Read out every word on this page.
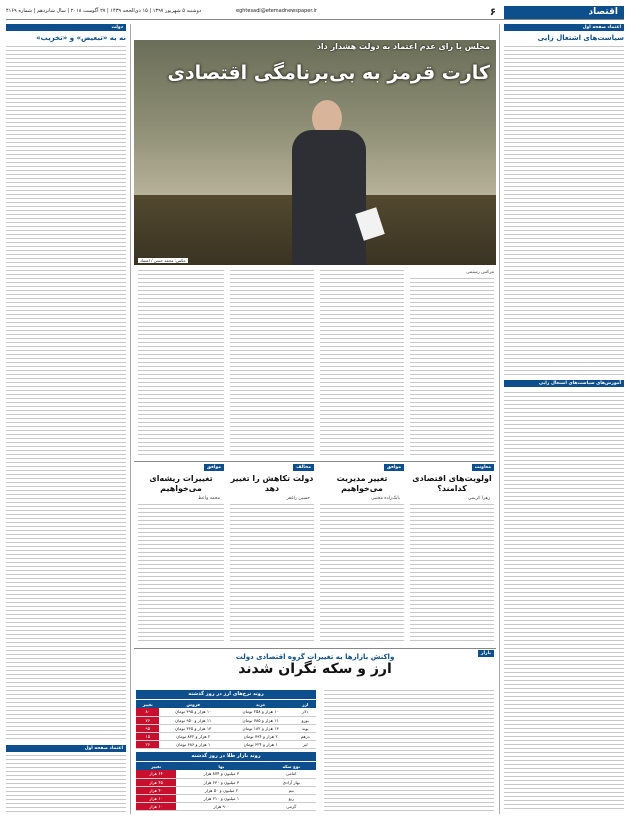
اقتصاد
۶
eghtesadi@etemadnewspaper.ir
دوشنبه ۵ شهریور ۱۳۹۷ | ۱۵ ذی‌الحجه ۱۴۳۹ | ۲۷ آگوست ۲۰۱۸ | سال شانزدهم | شماره ۴۱۶۹
اعتماد صفحه اول
سیاست‌های اشتغال زایی
آموزش‌های سیاست‌های اشتغال زایی
دولت
نه به «تبعیض» و «تخریب»
اعتماد صفحه اول
مجلس با رای عدم اعتماد به دولت هشدار داد
کارت قرمز به بی‌برنامگی اقتصادی
عکس: محمد حسن / اعتماد
مرکس رستمی
معاونت
اولویت‌های اقتصادی کدامند؟
زهرا کریمی
موافق
تغییر مدیریت می‌خواهیم
بابک‌زاده مجتبی
مخالف
دولت تکاهش را تغییر دهد
حسین راغفر
موافق
تغییرات ریشه‌ای می‌خواهیم
محمد واعظ
بازار
واکنش بازارها به تغییرات گروه اقتصادی دولت
ارز و سکه نگران شدند
روند نرخ‌های ارز در روز گذشته
ارز	خرید	فروش	تغییر
دلار	۱۰ هزار و ۲۵۸ تومان	۱۰ هزار و ۳۹۵ تومان	۸۰
یورو	۱۱ هزار و ۷۸۵ تومان	۱۱ هزار و ۹۵۰ تومان	۷۶
پوند	۱۳ هزار و ۱۸۲ تومان	۱۳ هزار و ۳۶۵ تومان	۹۵
درهم	۲ هزار و ۷۹۴ تومان	۲ هزار و ۸۳۲ تومان	۱۵
لیر	۱ هزار و ۶۲۴ تومان	۱ هزار و ۶۸۶ تومان	۲۶
روند بازار طلا در روز گذشته
نوع سکه	بها	تغییر
امامی	۳ میلیون و ۸۷۴ هزار	۶۴ هزار
بهار آزادی	۳ میلیون و ۶۳۰ هزار	۴۵ هزار
نیم	۲ میلیون و ۵۰ هزار	۴۰ هزار
ربع	۱ میلیون و ۲۱۰ هزار	۱۰ هزار
گرمی	۹۰۰ هزار	۱۰ هزار
